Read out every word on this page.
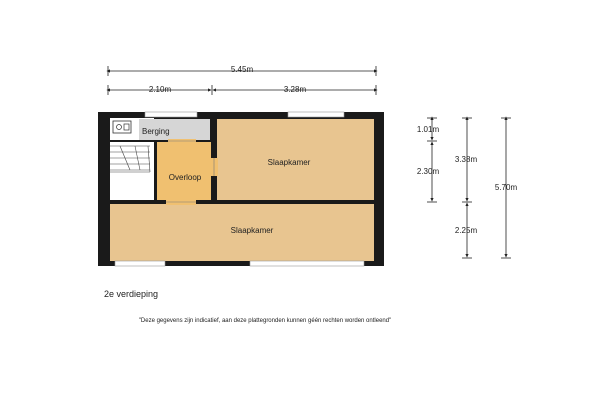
5.45m
2.10m	3.28m
Berging
Overloop
Slaapkamer
Slaapkamer
1.01m
2.30m
3.38m
2.25m
5.70m
2e verdieping
"Deze gegevens zijn indicatief, aan deze plattegronden kunnen géén rechten worden ontleend"
